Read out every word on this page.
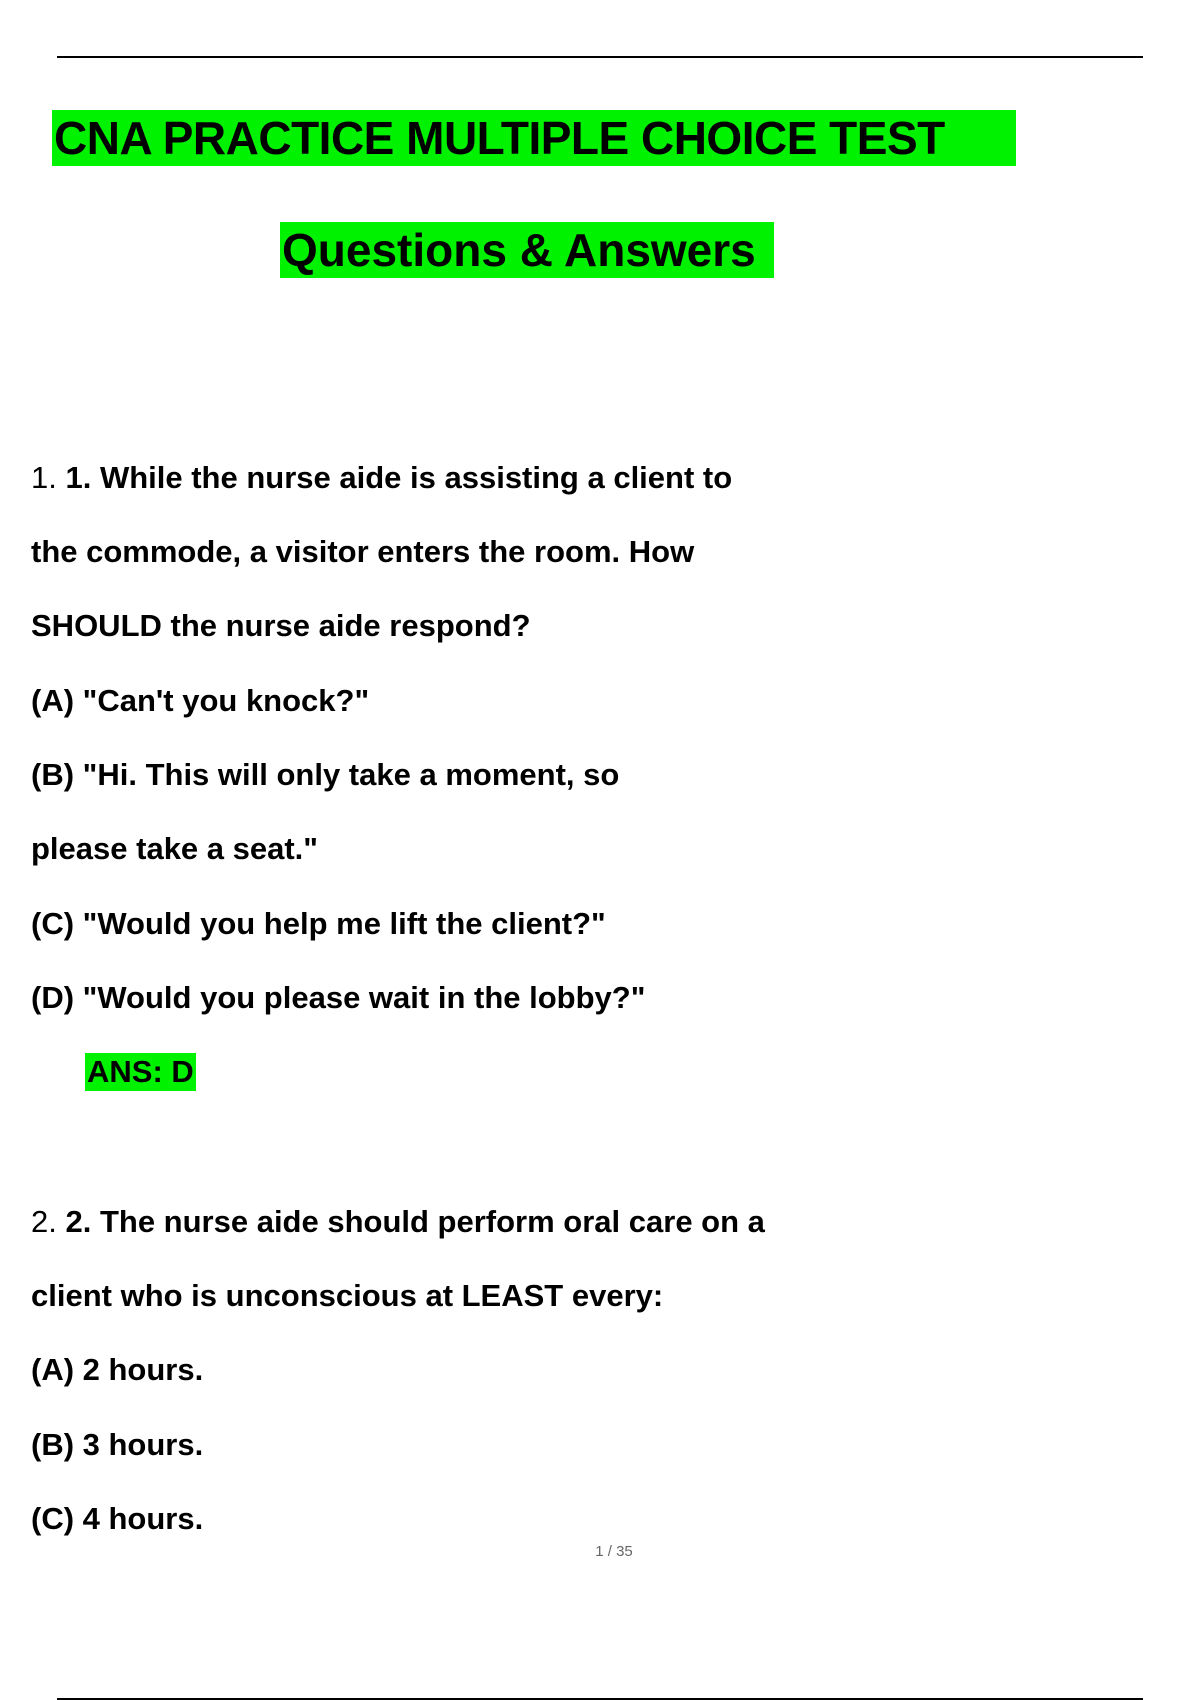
CNA PRACTICE MULTIPLE CHOICE TEST
Questions & Answers
1. 1. While the nurse aide is assisting a client to
the commode, a visitor enters the room. How
SHOULD the nurse aide respond?
(A) "Can't you knock?"
(B) "Hi. This will only take a moment, so
please take a seat."
(C) "Would you help me lift the client?"
(D) "Would you please wait in the lobby?"
ANS: D
2. 2. The nurse aide should perform oral care on a
client who is unconscious at LEAST every:
(A) 2 hours.
(B) 3 hours.
(C) 4 hours.
1 / 35
